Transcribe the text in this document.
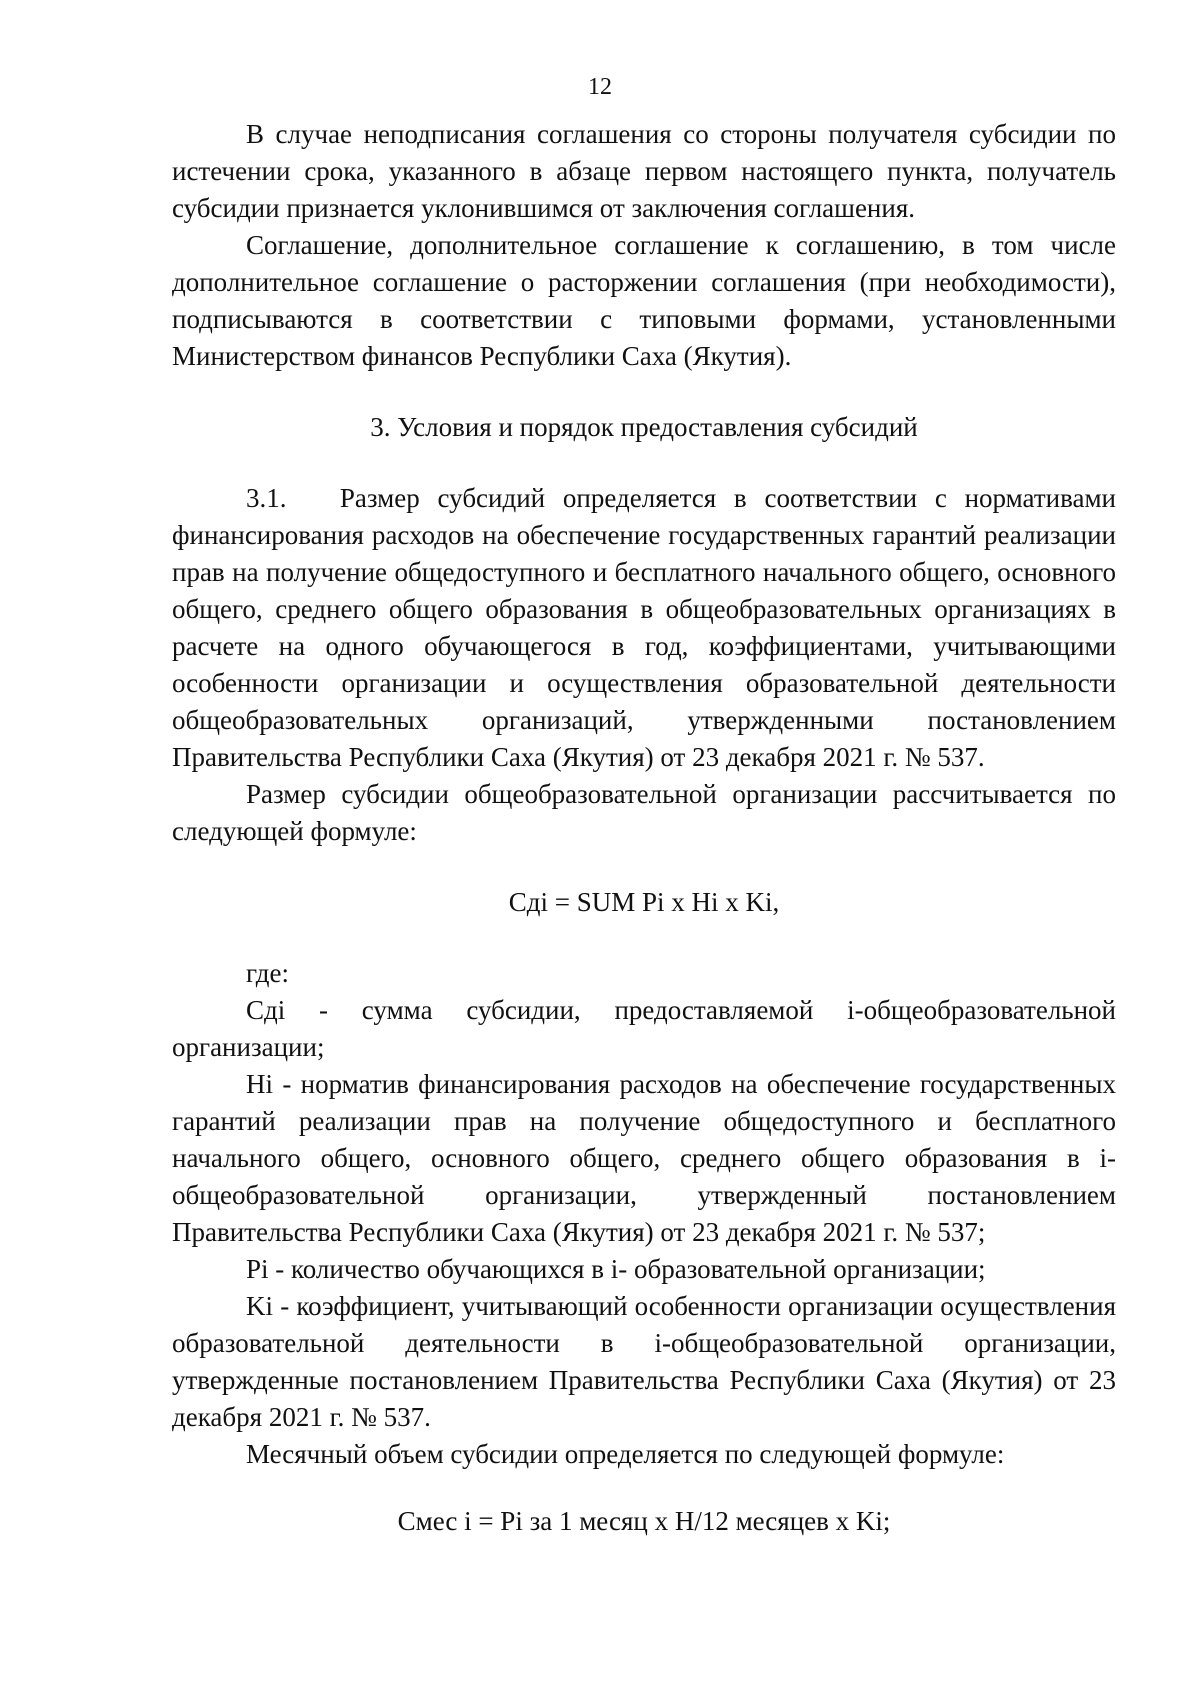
12

В случае неподписания соглашения со стороны получателя субсидии по истечении срока, указанного в абзаце первом настоящего пункта, получатель субсидии признается уклонившимся от заключения соглашения.

Соглашение, дополнительное соглашение к соглашению, в том числе дополнительное соглашение о расторжении соглашения (при необходимости), подписываются в соответствии с типовыми формами, установленными Министерством финансов Республики Саха (Якутия).

3. Условия и порядок предоставления субсидий

3.1.   Размер субсидий определяется в соответствии с нормативами финансирования расходов на обеспечение государственных гарантий реализации прав на получение общедоступного и бесплатного начального общего, основного общего, среднего общего образования в общеобразовательных организациях в расчете на одного обучающегося в год, коэффициентами, учитывающими особенности организации и осуществления образовательной деятельности общеобразовательных организаций, утвержденными постановлением Правительства Республики Саха (Якутия) от 23 декабря 2021 г. № 537.

Размер субсидии общеобразовательной организации рассчитывается по следующей формуле:

Сдi = SUM Pi x Hi x Ki,

где:

Сдi - сумма субсидии, предоставляемой i-общеобразовательной организации;

Hi - норматив финансирования расходов на обеспечение государственных гарантий реализации прав на получение общедоступного и бесплатного начального общего, основного общего, среднего общего образования в i-общеобразовательной организации, утвержденный постановлением Правительства Республики Саха (Якутия) от 23 декабря 2021 г. № 537;

Pi - количество обучающихся в i- образовательной организации;

Ki - коэффициент, учитывающий особенности организации осуществления образовательной деятельности в i-общеобразовательной организации, утвержденные постановлением Правительства Республики Саха (Якутия) от 23 декабря 2021 г. № 537.

Месячный объем субсидии определяется по следующей формуле:

Смес i = Pi за 1 месяц x H/12 месяцев x Ki;
